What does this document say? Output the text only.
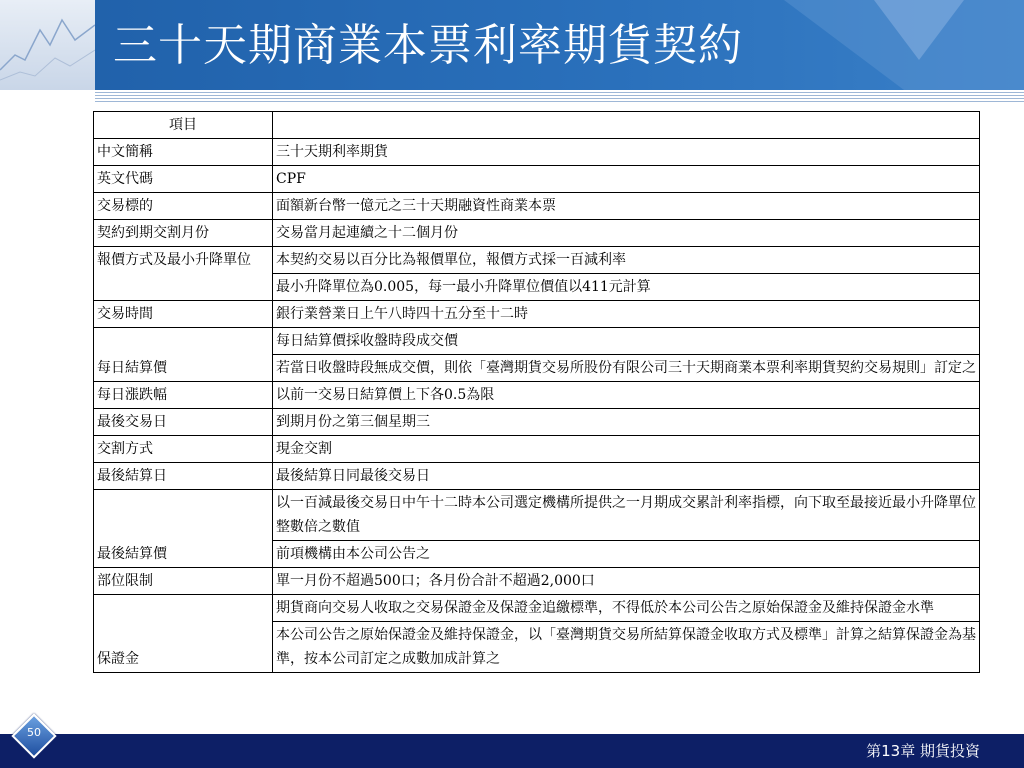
三十天期商業本票利率期貨契約
項目	
中文簡稱	三十天期利率期貨
英文代碼	CPF
交易標的	面額新台幣一億元之三十天期融資性商業本票
契約到期交割月份	交易當月起連續之十二個月份
報價方式及最小升降單位	本契約交易以百分比為報價單位，報價方式採一百減利率
	最小升降單位為0.005，每一最小升降單位價值以411元計算
交易時間	銀行業營業日上午八時四十五分至十二時
每日結算價	每日結算價採收盤時段成交價
	若當日收盤時段無成交價，則依「臺灣期貨交易所股份有限公司三十天期商業本票利率期貨契約交易規則」訂定之
每日漲跌幅	以前一交易日結算價上下各0.5為限
最後交易日	到期月份之第三個星期三
交割方式	現金交割
最後結算日	最後結算日同最後交易日
最後結算價	以一百減最後交易日中午十二時本公司選定機構所提供之一月期成交累計利率指標，向下取至最接近最小升降單位整數倍之數值
	前項機構由本公司公告之
部位限制	單一月份不超過500口；各月份合計不超過2,000口
保證金	期貨商向交易人收取之交易保證金及保證金追繳標準，不得低於本公司公告之原始保證金及維持保證金水準
	本公司公告之原始保證金及維持保證金，以「臺灣期貨交易所結算保證金收取方式及標準」計算之結算保證金為基準，按本公司訂定之成數加成計算之
第13章 期貨投資
50
